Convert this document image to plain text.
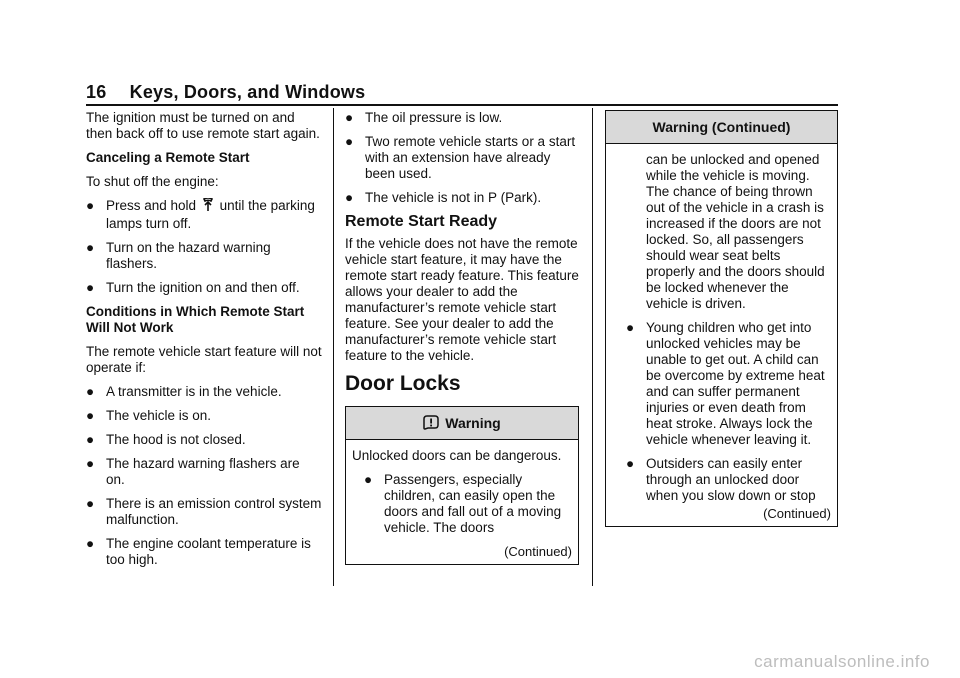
16 Keys, Doors, and Windows

The ignition must be turned on and then back off to use remote start again.

Canceling a Remote Start

To shut off the engine:

● Press and hold until the parking lamps turn off.
● Turn on the hazard warning flashers.
● Turn the ignition on and then off.

Conditions in Which Remote Start Will Not Work

The remote vehicle start feature will not operate if:

● A transmitter is in the vehicle.
● The vehicle is on.
● The hood is not closed.
● The hazard warning flashers are on.
● There is an emission control system malfunction.
● The engine coolant temperature is too high.
● The oil pressure is low.
● Two remote vehicle starts or a start with an extension have already been used.
● The vehicle is not in P (Park).
Remote Start Ready

If the vehicle does not have the remote vehicle start feature, it may have the remote start ready feature. This feature allows your dealer to add the manufacturer’s remote vehicle start feature. See your dealer to add the manufacturer’s remote vehicle start feature to the vehicle.

Door Locks
Warning

Unlocked doors can be dangerous.

● Passengers, especially children, can easily open the doors and fall out of a moving vehicle. The doors
(Continued)
Warning (Continued)

can be unlocked and opened while the vehicle is moving. The chance of being thrown out of the vehicle in a crash is increased if the doors are not locked. So, all passengers should wear seat belts properly and the doors should be locked whenever the vehicle is driven.

● Young children who get into unlocked vehicles may be unable to get out. A child can be overcome by extreme heat and can suffer permanent injuries or even death from heat stroke. Always lock the vehicle whenever leaving it.
● Outsiders can easily enter through an unlocked door when you slow down or stop
(Continued)
carmanualsonline.info
